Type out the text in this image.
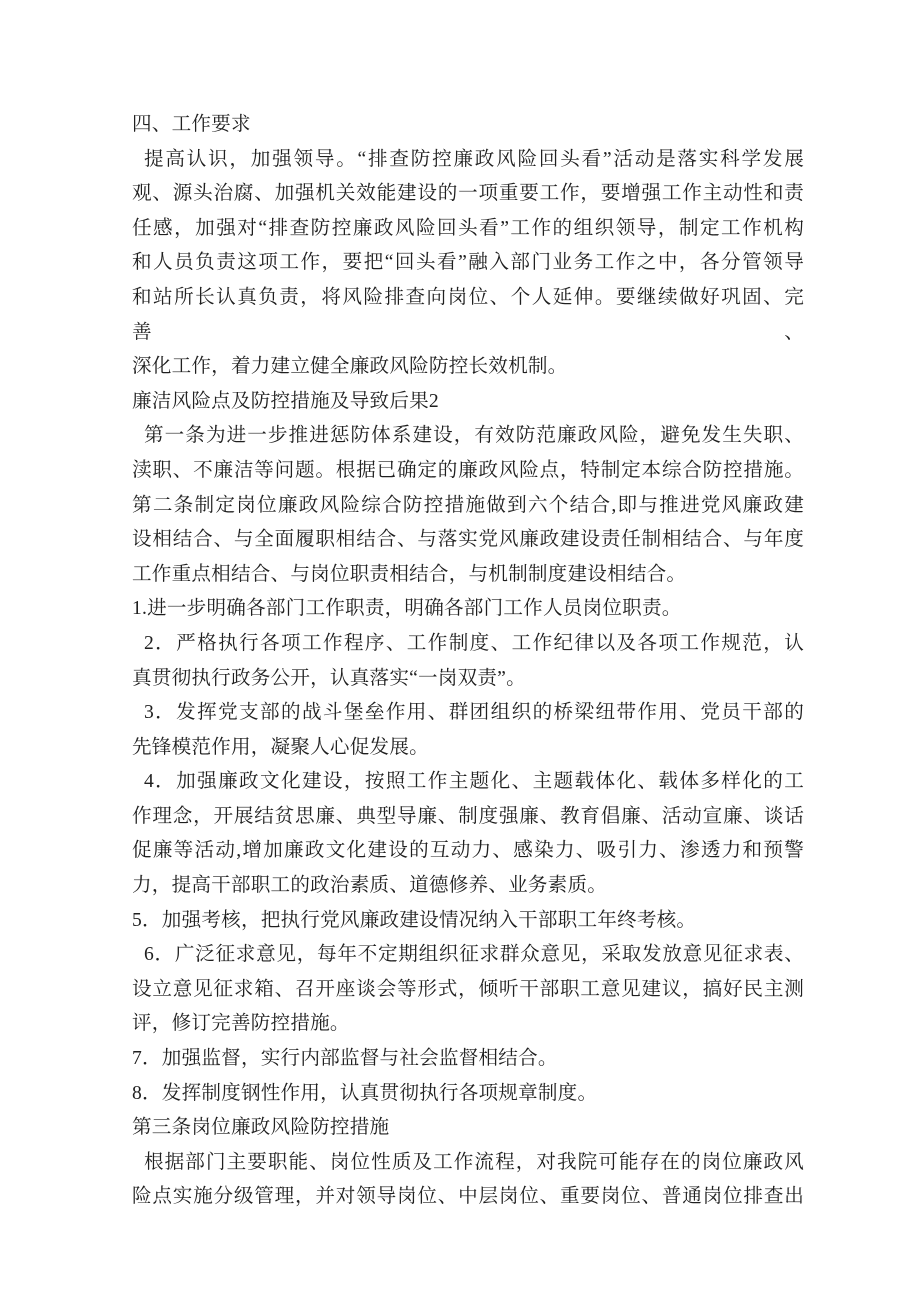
四、工作要求
提高认识，加强领导。“排查防控廉政风险回头看”活动是落实科学发展
观、源头治腐、加强机关效能建设的一项重要工作，要增强工作主动性和责
任感，加强对“排查防控廉政风险回头看”工作的组织领导，制定工作机构
和人员负责这项工作，要把“回头看”融入部门业务工作之中，各分管领导
和站所长认真负责，将风险排查向岗位、个人延伸。要继续做好巩固、完善、
深化工作，着力建立健全廉政风险防控长效机制。
廉洁风险点及防控措施及导致后果2
第一条为进一步推进惩防体系建设，有效防范廉政风险，避免发生失职、
渎职、不廉洁等问题。根据已确定的廉政风险点，特制定本综合防控措施。
第二条制定岗位廉政风险综合防控措施做到六个结合,即与推进党风廉政建
设相结合、与全面履职相结合、与落实党风廉政建设责任制相结合、与年度
工作重点相结合、与岗位职责相结合，与机制制度建设相结合。
1.进一步明确各部门工作职责，明确各部门工作人员岗位职责。
2．严格执行各项工作程序、工作制度、工作纪律以及各项工作规范，认
真贯彻执行政务公开，认真落实“一岗双责”。
3．发挥党支部的战斗堡垒作用、群团组织的桥梁纽带作用、党员干部的
先锋模范作用，凝聚人心促发展。
4．加强廉政文化建设，按照工作主题化、主题载体化、载体多样化的工
作理念，开展结贫思廉、典型导廉、制度强廉、教育倡廉、活动宣廉、谈话
促廉等活动,增加廉政文化建设的互动力、感染力、吸引力、渗透力和预警
力，提高干部职工的政治素质、道德修养、业务素质。
5．加强考核，把执行党风廉政建设情况纳入干部职工年终考核。
6．广泛征求意见，每年不定期组织征求群众意见，采取发放意见征求表、
设立意见征求箱、召开座谈会等形式，倾听干部职工意见建议，搞好民主测
评，修订完善防控措施。
7．加强监督，实行内部监督与社会监督相结合。
8．发挥制度钢性作用，认真贯彻执行各项规章制度。
第三条岗位廉政风险防控措施
根据部门主要职能、岗位性质及工作流程，对我院可能存在的岗位廉政风
险点实施分级管理，并对领导岗位、中层岗位、重要岗位、普通岗位排查出
